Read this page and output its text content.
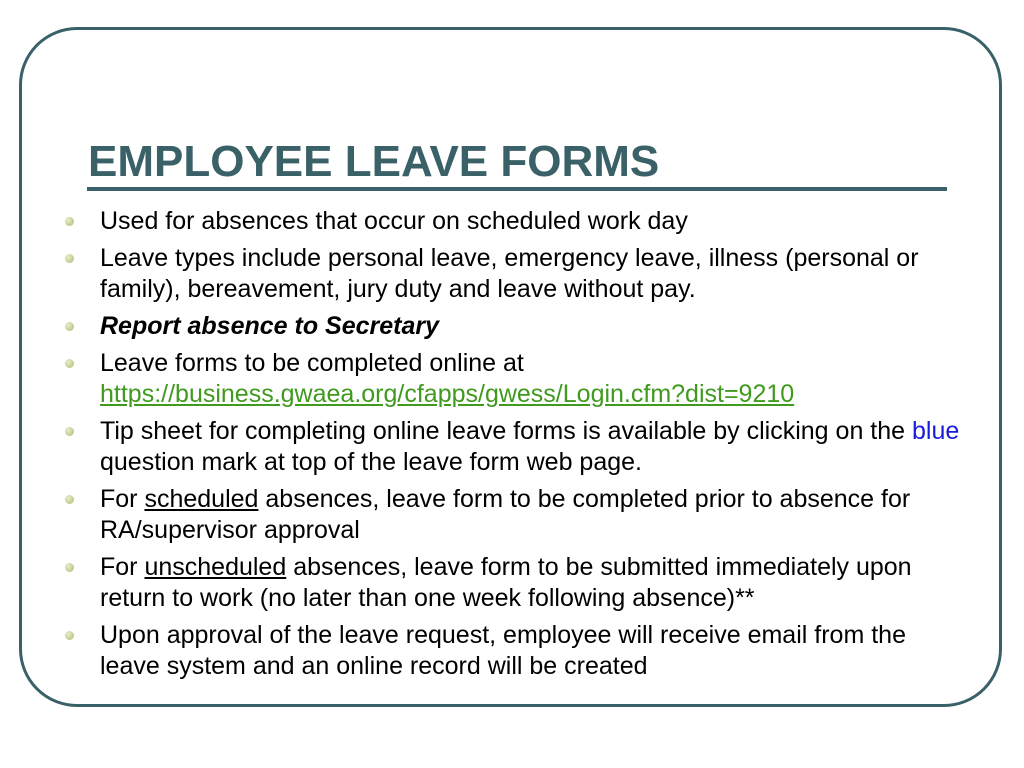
EMPLOYEE LEAVE FORMS
Used for absences that occur on scheduled work day
Leave types include personal leave, emergency leave, illness (personal or family), bereavement, jury duty and leave without pay.
Report absence to Secretary
Leave forms to be completed online at
https://business.gwaea.org/cfapps/gwess/Login.cfm?dist=9210
Tip sheet for completing online leave forms is available by clicking on the blue question mark at top of the leave form web page.
For scheduled absences, leave form to be completed prior to absence for RA/supervisor approval
For unscheduled absences, leave form to be submitted immediately upon return to work (no later than one week following absence)**
Upon approval of the leave request, employee will receive email from the leave system and an online record will be created
